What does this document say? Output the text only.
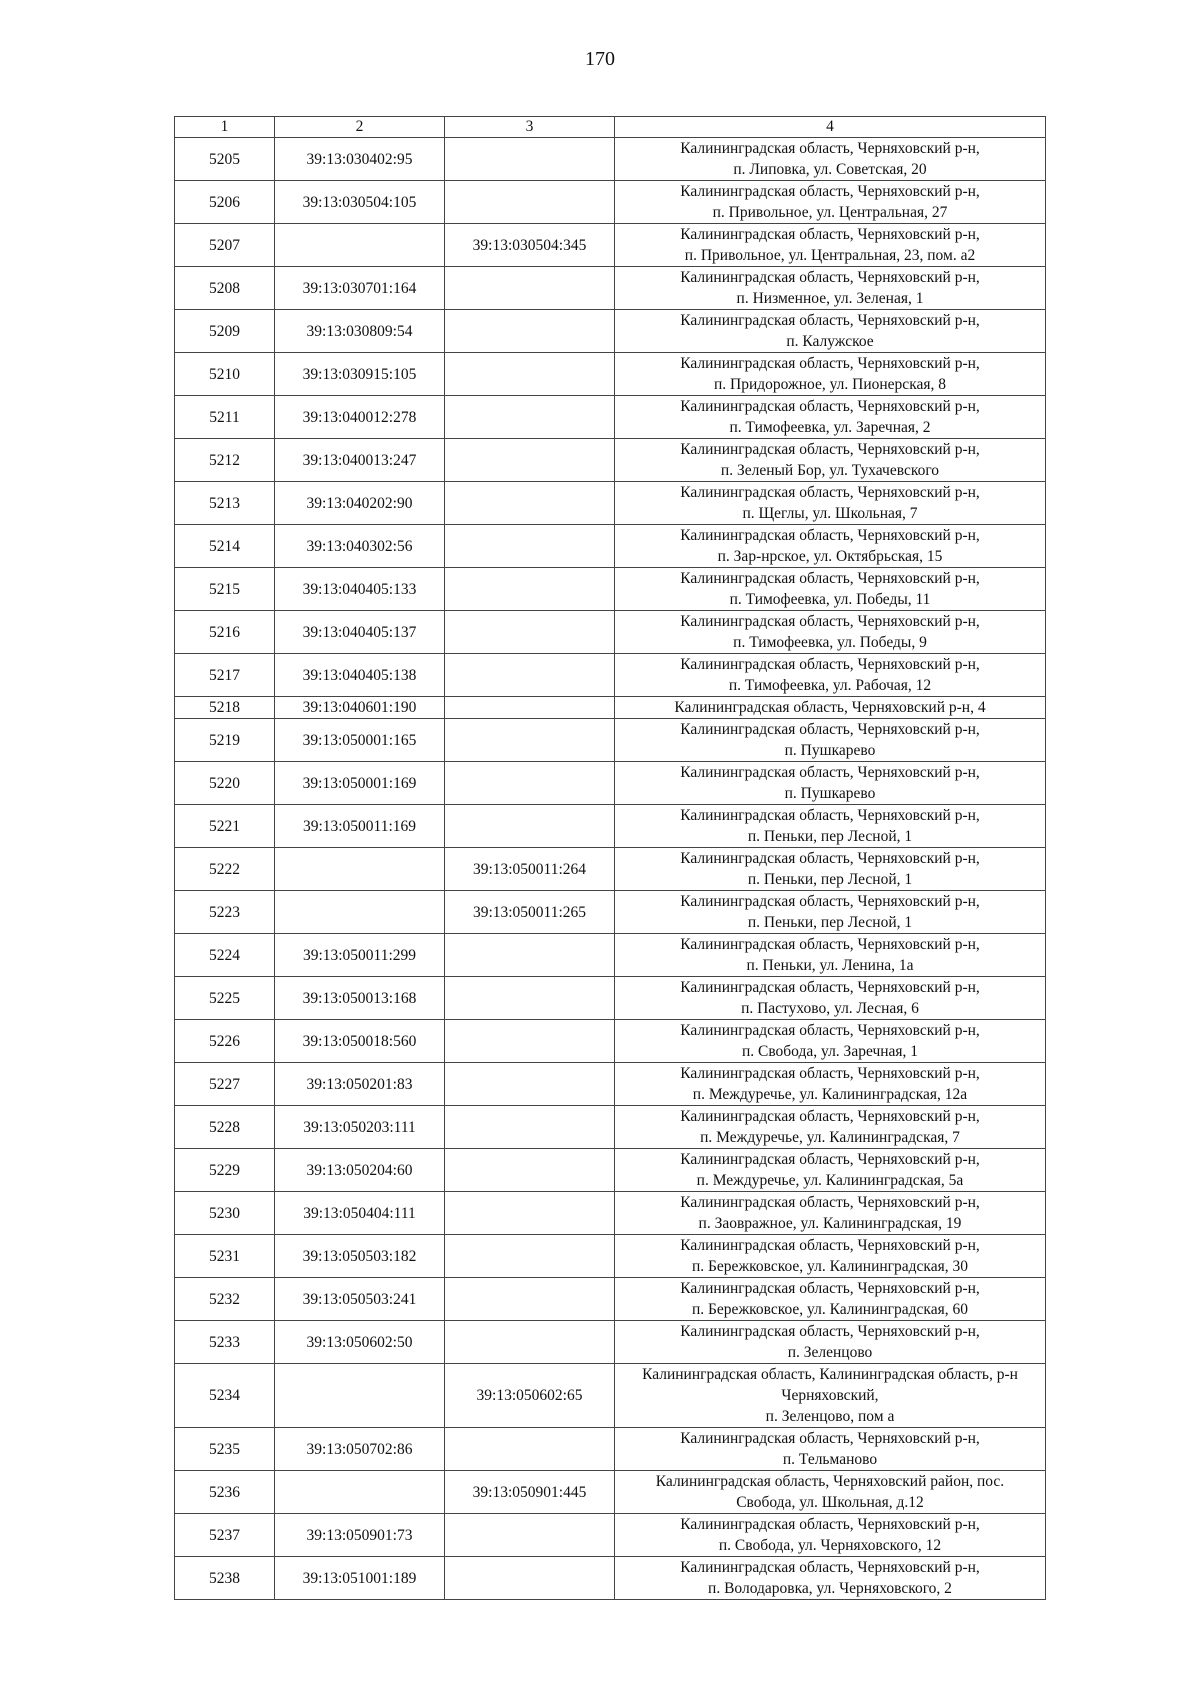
170
1	2	3	4
5205	39:13:030402:95		Калининградская область, Черняховский р-н,
п. Липовка, ул. Советская, 20
5206	39:13:030504:105		Калининградская область, Черняховский р-н,
п. Привольное, ул. Центральная, 27
5207		39:13:030504:345	Калининградская область, Черняховский р-н,
п. Привольное, ул. Центральная, 23, пом. а2
5208	39:13:030701:164		Калининградская область, Черняховский р-н,
п. Низменное, ул. Зеленая, 1
5209	39:13:030809:54		Калининградская область, Черняховский р-н,
п. Калужское
5210	39:13:030915:105		Калининградская область, Черняховский р-н,
п. Придорожное, ул. Пионерская, 8
5211	39:13:040012:278		Калининградская область, Черняховский р-н,
п. Тимофеевка, ул. Заречная, 2
5212	39:13:040013:247		Калининградская область, Черняховский р-н,
п. Зеленый Бор, ул. Тухачевского
5213	39:13:040202:90		Калининградская область, Черняховский р-н,
п. Щеглы, ул. Школьная, 7
5214	39:13:040302:56		Калининградская область, Черняховский р-н,
п. Зар-нрское, ул. Октябрьская, 15
5215	39:13:040405:133		Калининградская область, Черняховский р-н,
п. Тимофеевка, ул. Победы, 11
5216	39:13:040405:137		Калининградская область, Черняховский р-н,
п. Тимофеевка, ул. Победы, 9
5217	39:13:040405:138		Калининградская область, Черняховский р-н,
п. Тимофеевка, ул. Рабочая, 12
5218	39:13:040601:190		Калининградская область, Черняховский р-н, 4
5219	39:13:050001:165		Калининградская область, Черняховский р-н,
п. Пушкарево
5220	39:13:050001:169		Калининградская область, Черняховский р-н,
п. Пушкарево
5221	39:13:050011:169		Калининградская область, Черняховский р-н,
п. Пеньки, пер Лесной, 1
5222		39:13:050011:264	Калининградская область, Черняховский р-н,
п. Пеньки, пер Лесной, 1
5223		39:13:050011:265	Калининградская область, Черняховский р-н,
п. Пеньки, пер Лесной, 1
5224	39:13:050011:299		Калининградская область, Черняховский р-н,
п. Пеньки, ул. Ленина, 1а
5225	39:13:050013:168		Калининградская область, Черняховский р-н,
п. Пастухово, ул. Лесная, 6
5226	39:13:050018:560		Калининградская область, Черняховский р-н,
п. Свобода, ул. Заречная, 1
5227	39:13:050201:83		Калининградская область, Черняховский р-н,
п. Междуречье, ул. Калининградская, 12а
5228	39:13:050203:111		Калининградская область, Черняховский р-н,
п. Междуречье, ул. Калининградская, 7
5229	39:13:050204:60		Калининградская область, Черняховский р-н,
п. Междуречье, ул. Калининградская, 5а
5230	39:13:050404:111		Калининградская область, Черняховский р-н,
п. Заовражное, ул. Калининградская, 19
5231	39:13:050503:182		Калининградская область, Черняховский р-н,
п. Бережковское, ул. Калининградская, 30
5232	39:13:050503:241		Калининградская область, Черняховский р-н,
п. Бережковское, ул. Калининградская, 60
5233	39:13:050602:50		Калининградская область, Черняховский р-н,
п. Зеленцово
5234		39:13:050602:65	Калининградская область, Калининградская область, р-н
Черняховский,
п. Зеленцово, пом а
5235	39:13:050702:86		Калининградская область, Черняховский р-н,
п. Тельманово
5236		39:13:050901:445	Калининградская область, Черняховский район, пос.
Свобода, ул. Школьная, д.12
5237	39:13:050901:73		Калининградская область, Черняховский р-н,
п. Свобода, ул. Черняховского, 12
5238	39:13:051001:189		Калининградская область, Черняховский р-н,
п. Володаровка, ул. Черняховского, 2
